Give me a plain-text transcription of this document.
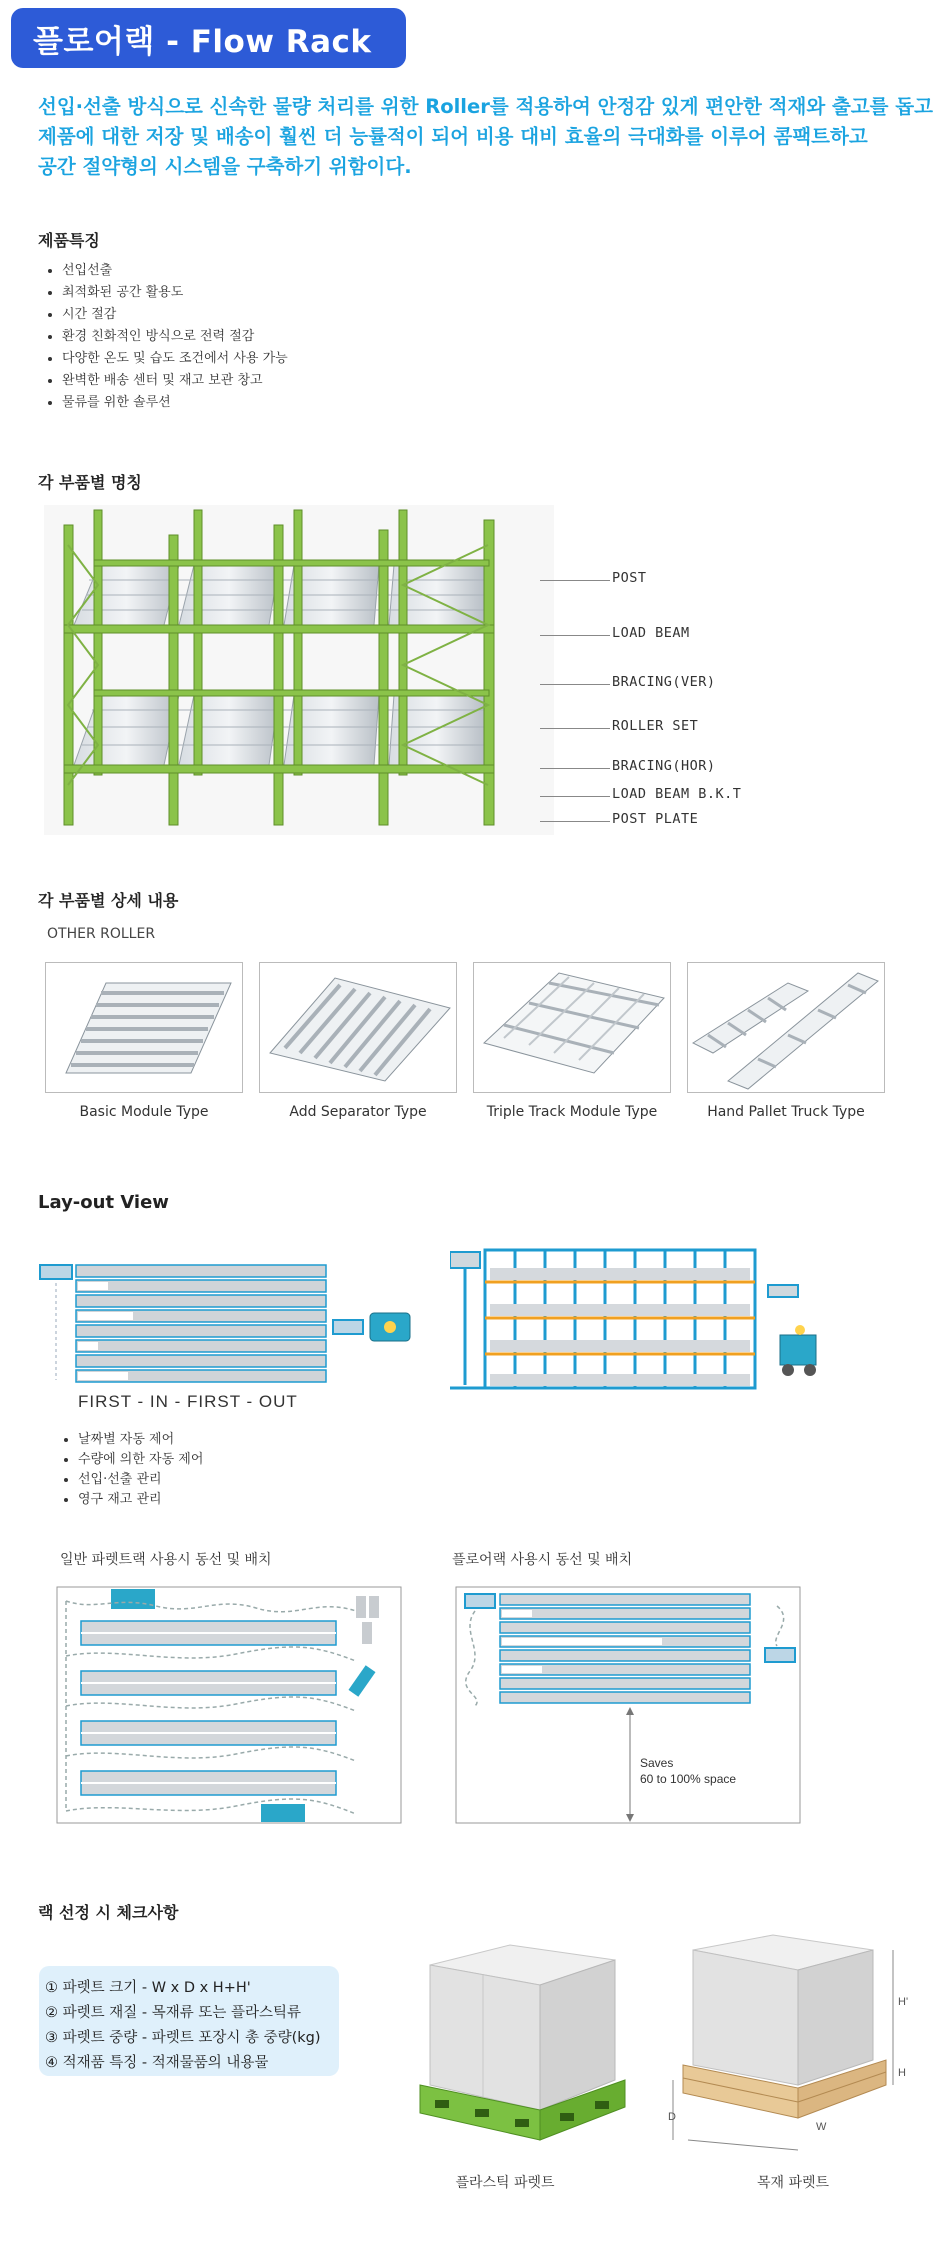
플로어랙 - Flow Rack
선입·선출 방식으로 신속한 물량 처리를 위한 Roller를 적용하여 안정감 있게 편안한 적재와 출고를 돕고
제품에 대한 저장 및 배송이 훨씬 더 능률적이 되어 비용 대비 효율의 극대화를 이루어 콤팩트하고
공간 절약형의 시스템을 구축하기 위함이다.
제품특징
• 선입선출
• 최적화된 공간 활용도
• 시간 절감
• 환경 친화적인 방식으로 전력 절감
• 다양한 온도 및 습도 조건에서 사용 가능
• 완벽한 배송 센터 및 재고 보관 창고
• 물류를 위한 솔루션
각 부품별 명칭
POST
LOAD BEAM
BRACING(VER)
ROLLER SET
BRACING(HOR)
LOAD BEAM B.K.T
POST PLATE
각 부품별 상세 내용
OTHER ROLLER
Basic Module Type	Add Separator Type	Triple Track Module Type	Hand Pallet Truck Type
Lay-out View
FIRST - IN - FIRST - OUT
• 날짜별 자동 제어
• 수량에 의한 자동 제어
• 선입·선출 관리
• 영구 재고 관리
일반 파렛트랙 사용시 동선 및 배치	플로어랙 사용시 동선 및 배치
Saves
60 to 100% space
랙 선정 시 체크사항
① 파렛트 크기 - W x D x H+H'
② 파렛트 재질 - 목재류 또는 플라스틱류
③ 파렛트 중량 - 파렛트 포장시 총 중량(kg)
④ 적재품 특징 - 적재물품의 내용물
H'
H
D
W
플라스틱 파렛트	목재 파렛트
